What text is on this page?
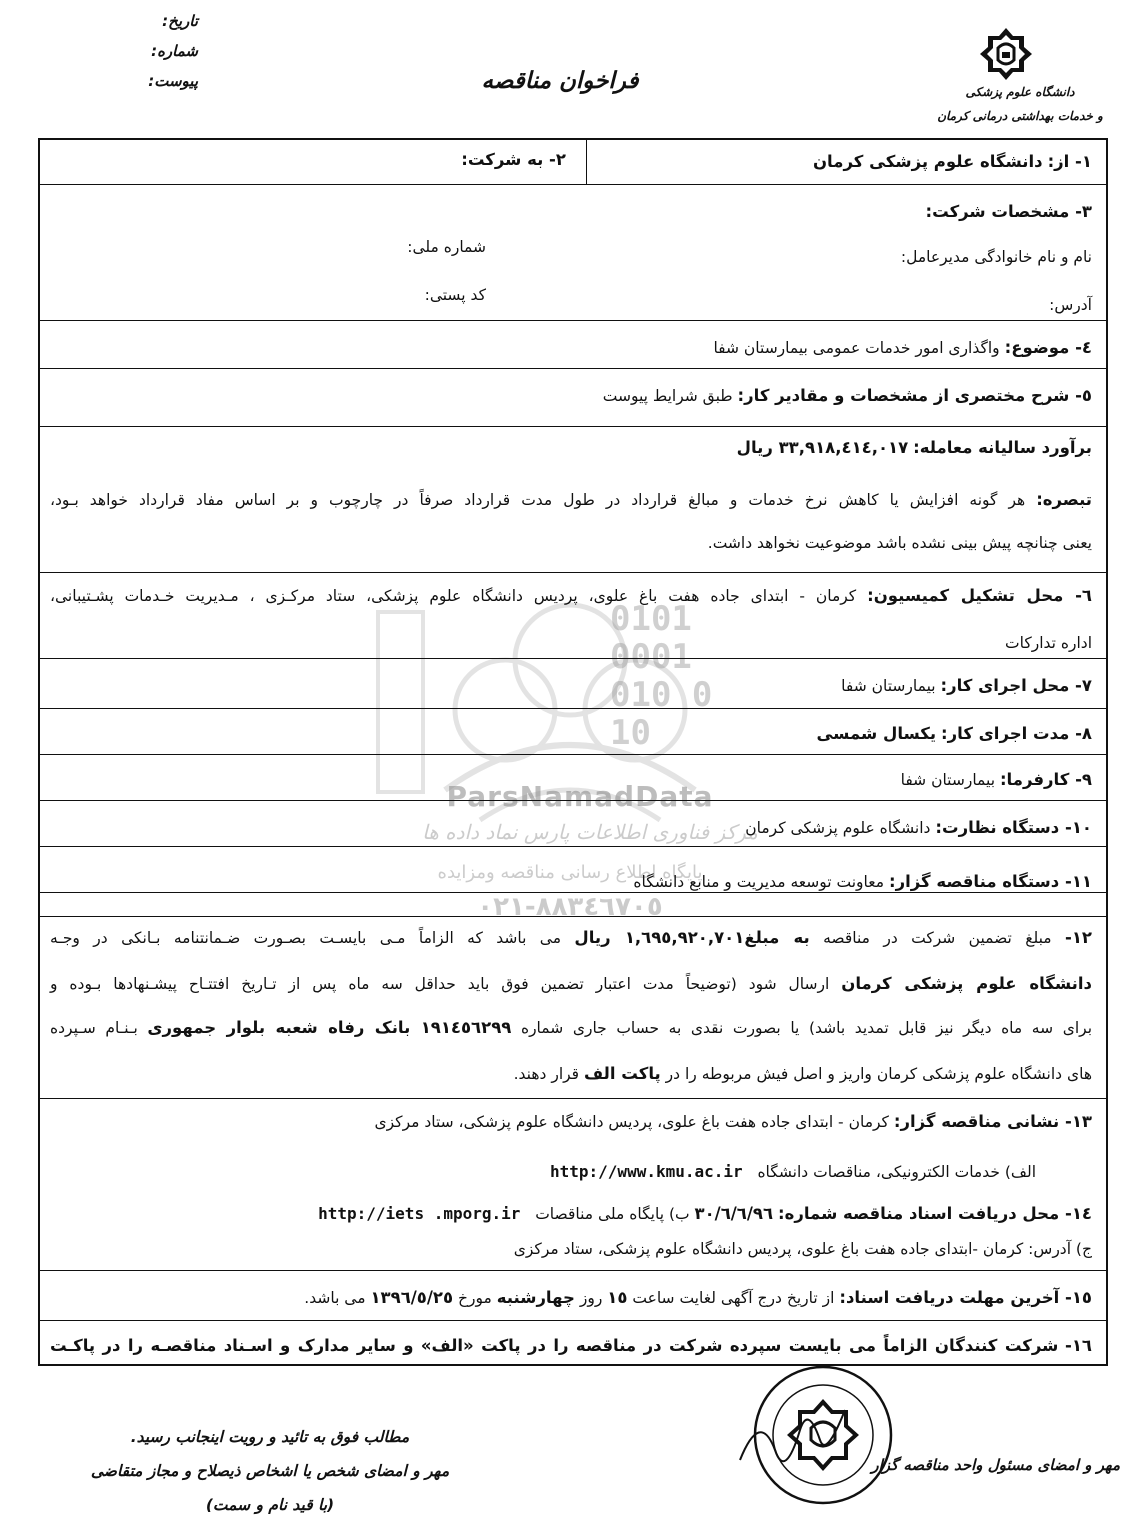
تاریخ:
شماره:
پیوست:	فراخوان مناقصه	دانشگاه علوم پزشکی
و خدمات بهداشتی درمانی کرمان
0101 0001 010 0 10
ParsNamadData
مرکز فناوری اطلاعات پارس نماد داده ها
پایگاه اطلاع رسانی مناقصه ومزایده
۰۲۱-۸۸۳٤٦۷۰٥
۱- از: دانشگاه علوم پزشکی کرمان
۲- به شرکت:
۳- مشخصات شرکت:
نام و نام خانوادگی مدیرعامل:
شماره ملی:
آدرس:
کد پستی:
٤- موضوع: واگذاری امور خدمات عمومی بیمارستان شفا
٥- شرح مختصری از مشخصات و مقادیر کار: طبق شرایط پیوست
برآورد سالیانه معامله: ۳۳,۹۱۸,٤۱٤,۰۱۷ ریال
تبصره: هر گونه افزایش یا کاهش نرخ خدمات و مبالغ قرارداد در طول مدت قرارداد صرفاً در چارچوب و بر اساس مفاد قرارداد خواهد بـود،
یعنی چنانچه پیش بینی نشده باشد موضوعیت نخواهد داشت.
٦- محل تشکیل کمیسیون: کرمان - ابتدای جاده هفت باغ علوی، پردیس دانشگاه علوم پزشکی، ستاد مرکـزی ، مـدیریت خـدمات پشـتیبانی،
اداره تدارکات
۷- محل اجرای کار: بیمارستان شفا
۸- مدت اجرای کار: یکسال شمسی
۹- کارفرما: بیمارستان شفا
۱۰- دستگاه نظارت: دانشگاه علوم پزشکی کرمان
۱۱- دستگاه مناقصه گزار: معاونت توسعه مدیریت و منابع دانشگاه
۱۲- مبلغ تضمین شرکت در مناقصه به مبلغ۱,٦۹٥,۹۲۰,۷۰۱ ریال می باشد که الزاماً مـی بایسـت بصـورت ضـمانتنامه بـانکی در وجـه
دانشگاه علوم پزشکی کرمان ارسال شود (توضیحاً مدت اعتبار تضمین فوق باید حداقل سه ماه پس از تـاریخ افتتـاح پیشـنهادها بـوده و
برای سه ماه دیگر نیز قابل تمدید باشد) یا بصورت نقدی به حساب جاری شماره ۱۹۱٤٥٦۲۹۹ بانک رفاه شعبه بلوار جمهوری بـنـام سـپرده
های دانشگاه علوم پزشکی کرمان واریز و اصل فیش مربوطه را در پاکت الف قرار دهند.
۱۳- نشانی مناقصه گزار: کرمان - ابتدای جاده هفت باغ علوی، پردیس دانشگاه علوم پزشکی، ستاد مرکزی
الف) خدمات الکترونیکی، مناقصات دانشگاه   http://www.kmu.ac.ir
۱٤- محل دریافت اسناد مناقصه شماره: ۳۰/٦/٦/۹٦ ب) پایگاه ملی مناقصات   http://iets .mporg.ir
ج) آدرس: کرمان -ابتدای جاده هفت باغ علوی، پردیس دانشگاه علوم پزشکی، ستاد مرکزی
۱٥- آخرین مهلت دریافت اسناد: از تاریخ درج آگهی لغایت ساعت ۱٥ روز چهارشنبه مورخ ۱۳۹٦/٥/۲٥ می باشد.
۱٦- شرکت کنندگان الزاماً می بایست سپرده شرکت در مناقصه را در پاکت «الف» و سایر مدارک و اسـناد مناقصـه را در پاکـت
مطالب فوق به تائید و رویت اینجانب رسید.
مهر و امضای شخص یا اشخاص ذیصلاح و مجاز متقاضی
(با قید نام و سمت)
مهر و امضای مسئول واحد مناقصه گزار
